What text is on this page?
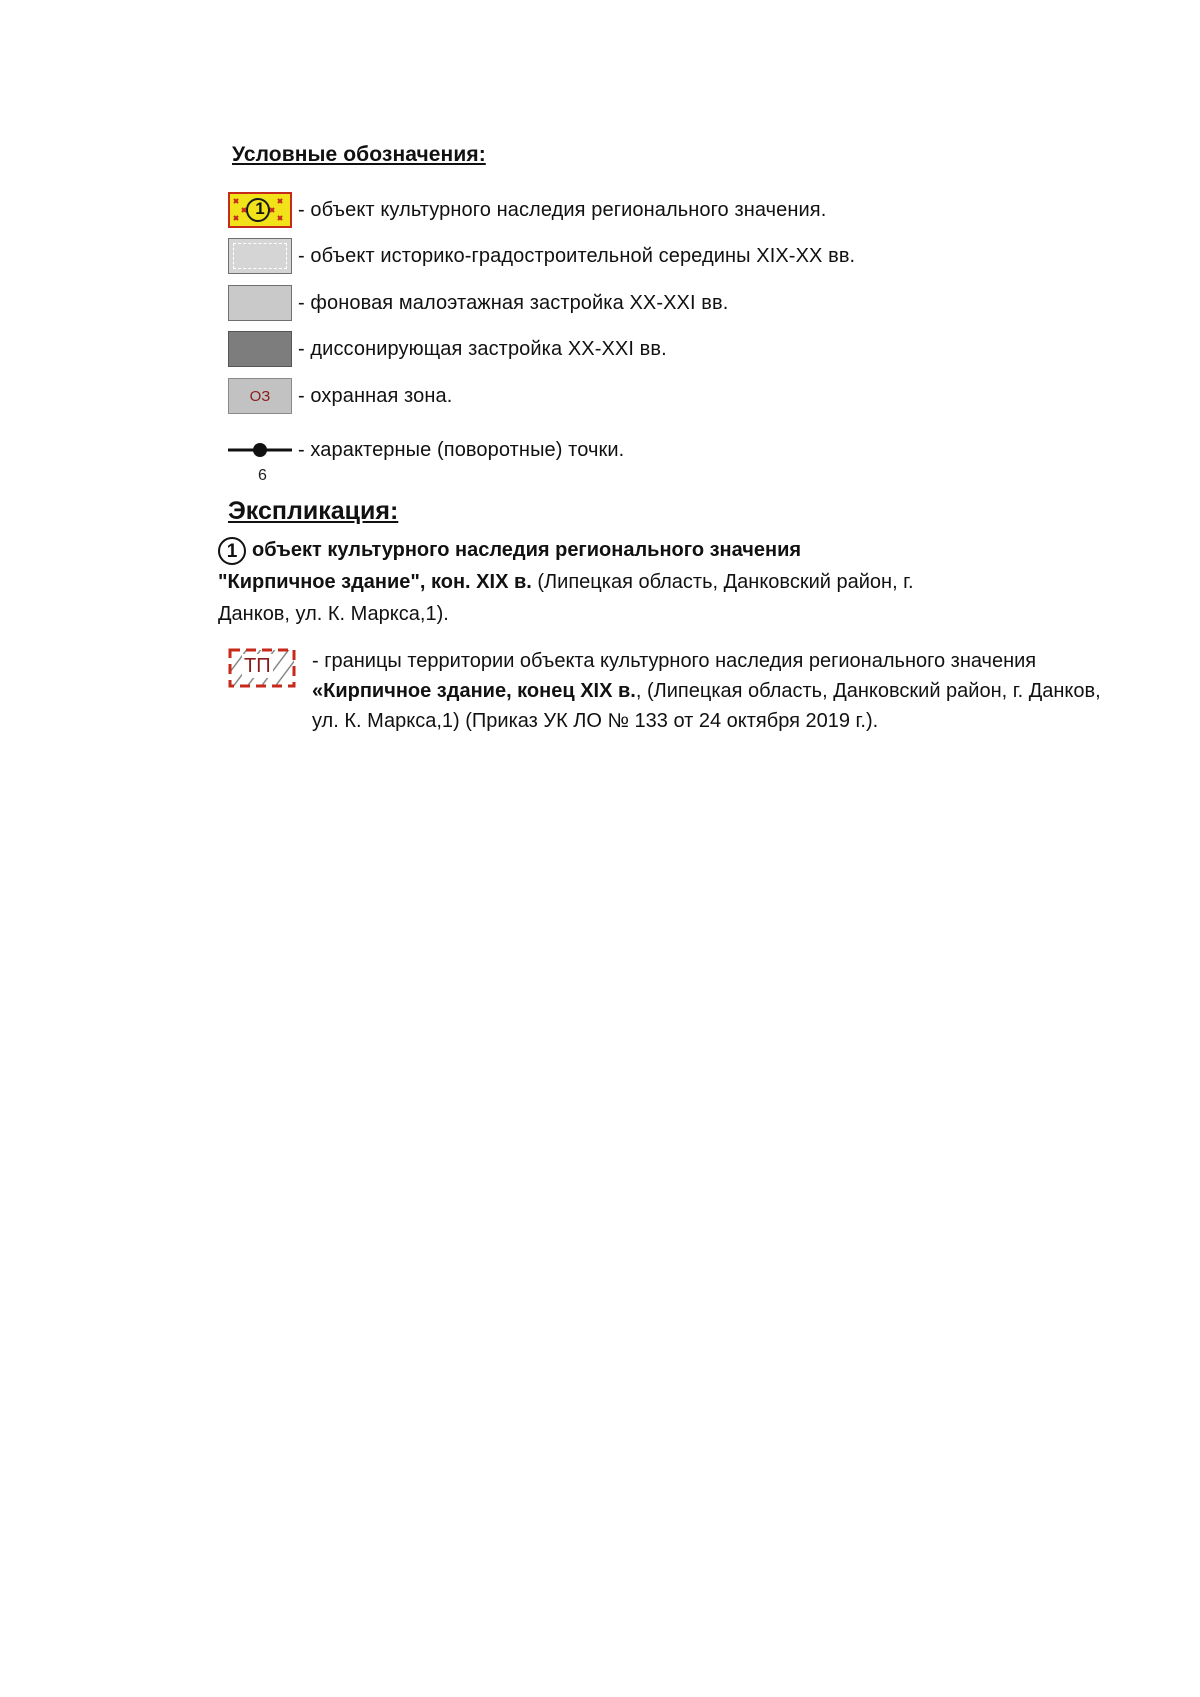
Условные обозначения:
1 - объект культурного наследия регионального значения.
- объект историко-градостроительной середины XIX-XX вв.
- фоновая малоэтажная застройка XX-XXI вв.
- диссонирующая застройка XX-XXI вв.
ОЗ - охранная зона.
- характерные (поворотные) точки.
6
Экспликация:
1 объект культурного наследия регионального значения
"Кирпичное здание", кон. XIX в. (Липецкая область, Данковский район, г. Данков, ул. К. Маркса,1).
ТП - границы территории объекта культурного наследия регионального значения «Кирпичное здание, конец XIX в., (Липецкая область, Данковский район, г. Данков, ул. К. Маркса,1) (Приказ УК ЛО № 133 от 24 октября 2019 г.).
